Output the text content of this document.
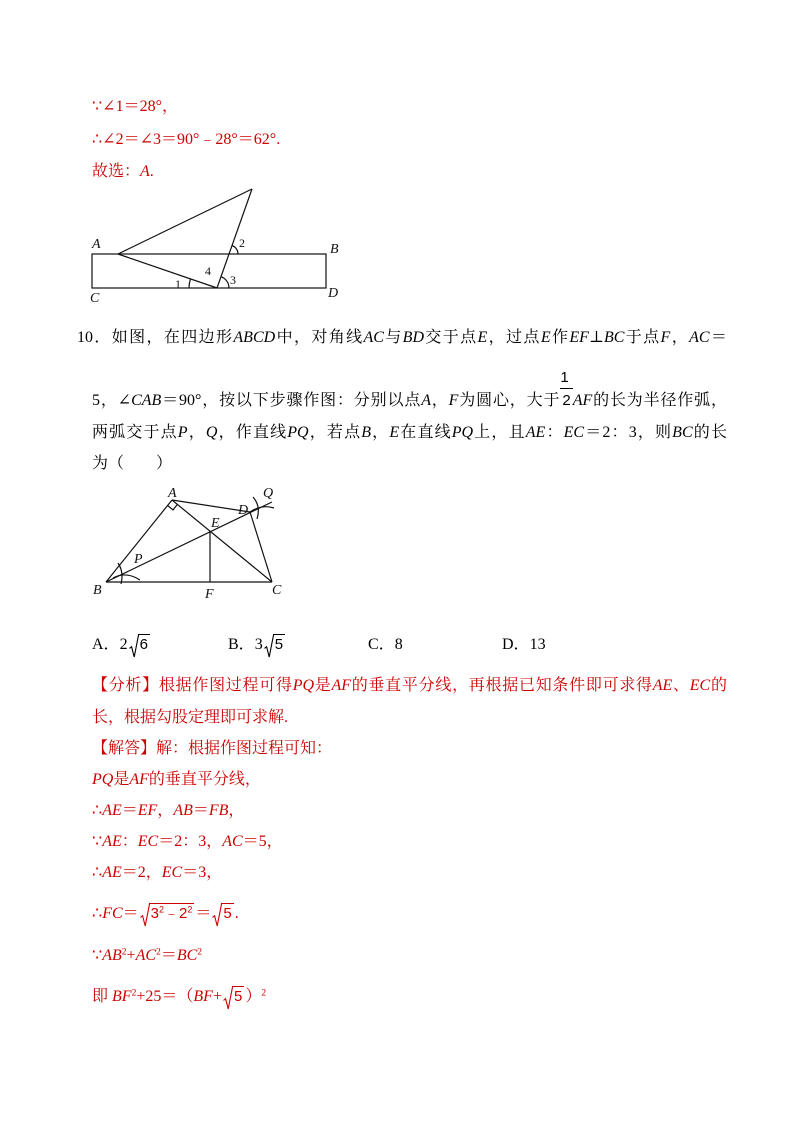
∵∠1＝28°，
∴∠2＝∠3＝90°﹣28°＝62°.
故选：A.
A	B
C	D
1
2
3
4
10．如图，在四边形ABCD中，对角线AC与BD交于点E，过点E作EF⊥BC于点F，AC＝
5，∠CAB＝90°，按以下步骤作图：分别以点A，F为圆心，大于 $\frac{1}{2}AF$的长为半径作弧，
两弧交于点P，Q，作直线PQ，若点B，E在直线PQ上，且AE：EC＝2：3，则BC的长
为（　　）
A	Q
D
E
P
B	F	C
A．2 6	B．3 5	C．8	D．13
【分析】根据作图过程可得PQ是AF的垂直平分线，再根据已知条件即可求得AE、EC的
长，根据勾股定理即可求解.
【解答】解：根据作图过程可知：
PQ是AF的垂直平分线，
∴AE＝EF，AB＝FB，
∵AE：EC＝2：3，AC＝5，
∴AE＝2，EC＝3，
∴FC＝ $3^2﹣2^2 = 5$ .
$\because AB^2+AC^2=BC^2$
即 $BF^2+25=(BF+ 5$ ）$^2$
